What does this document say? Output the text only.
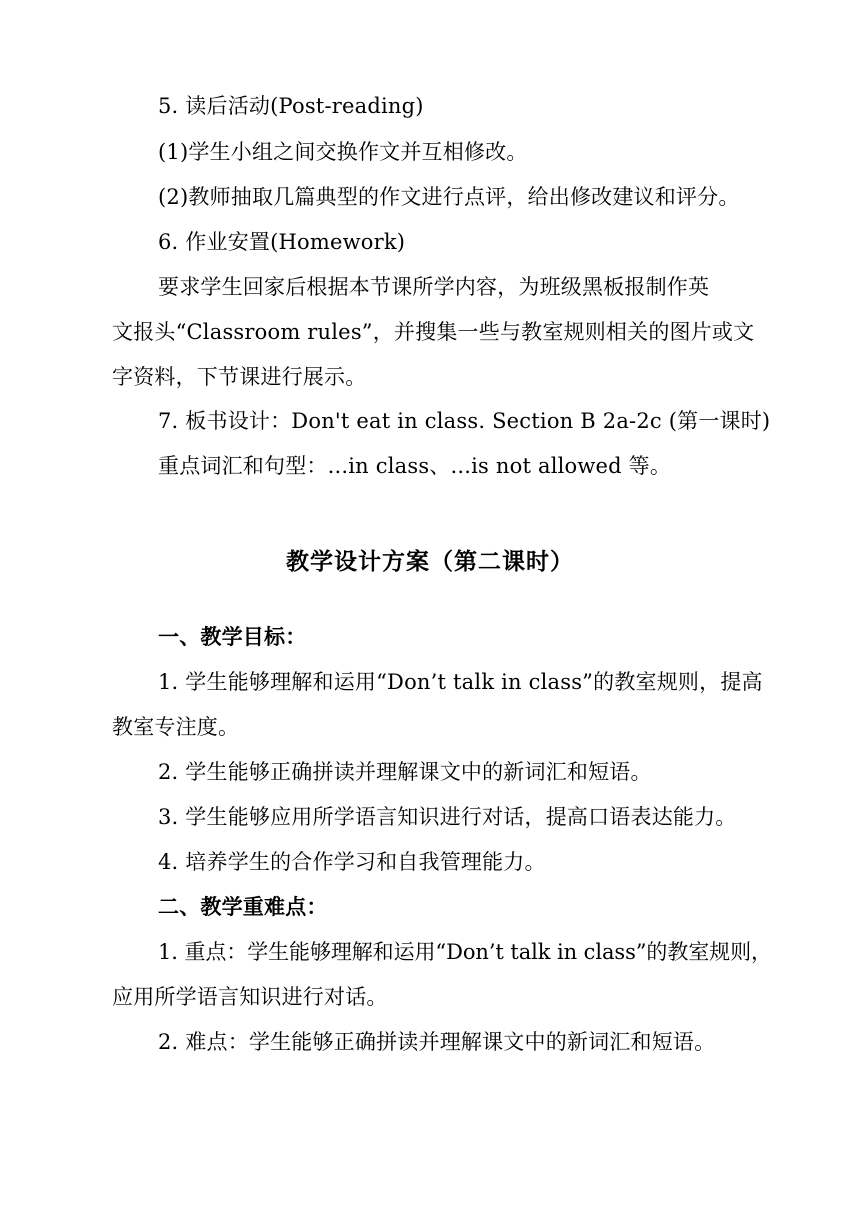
5. 读后活动(Post-reading)
(1)学生小组之间交换作文并互相修改。
(2)教师抽取几篇典型的作文进行点评，给出修改建议和评分。
6. 作业安置(Homework)
要求学生回家后根据本节课所学内容，为班级黑板报制作英
文报头“Classroom rules”，并搜集一些与教室规则相关的图片或文
字资料，下节课进行展示。
7. 板书设计：Don't eat in class. Section B 2a-2c (第一课时)
重点词汇和句型：...in class、...is not allowed 等。
教学设计方案（第二课时）
一、教学目标：
1. 学生能够理解和运用“Don’t talk in class”的教室规则，提高
教室专注度。
2. 学生能够正确拼读并理解课文中的新词汇和短语。
3. 学生能够应用所学语言知识进行对话，提高口语表达能力。
4. 培养学生的合作学习和自我管理能力。
二、教学重难点：
1. 重点：学生能够理解和运用“Don’t talk in class”的教室规则，
应用所学语言知识进行对话。
2. 难点：学生能够正确拼读并理解课文中的新词汇和短语。
